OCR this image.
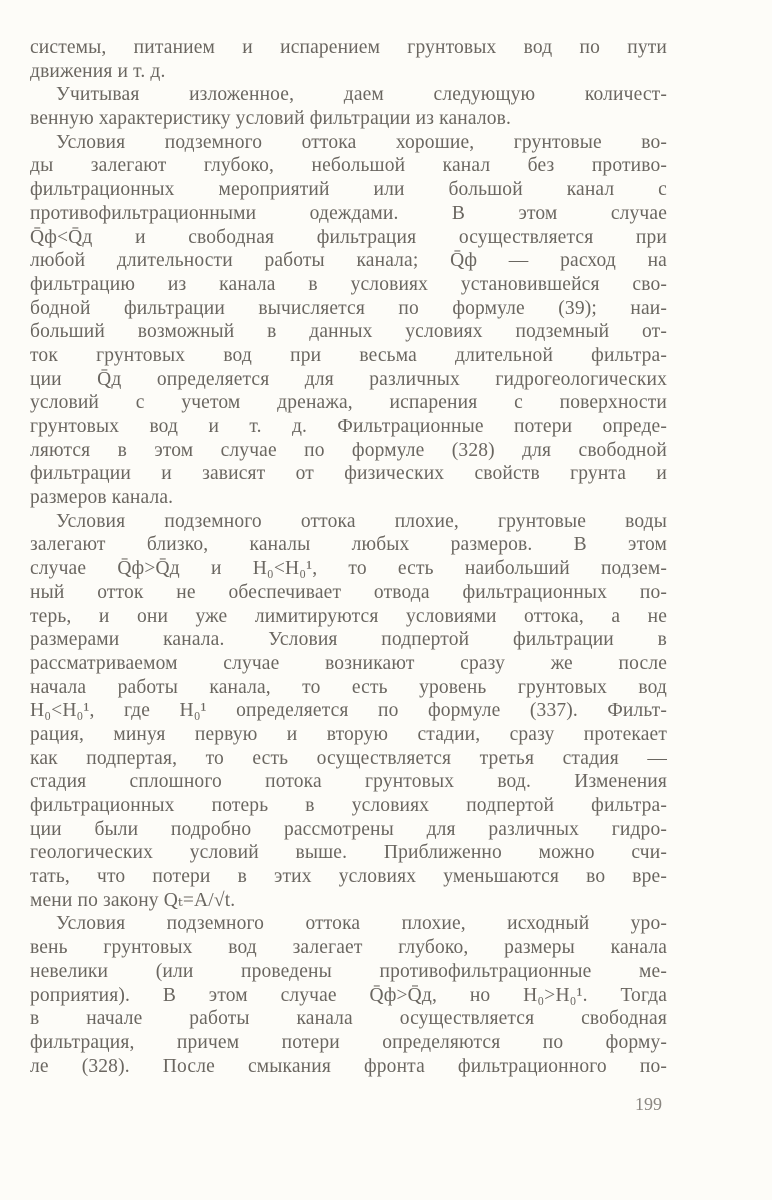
системы, питанием и испарением грунтовых вод по пути
движения и т. д.
Учитывая изложенное, даем следующую количест-
венную характеристику условий фильтрации из каналов.
Условия подземного оттока хорошие, грунтовые во-
ды залегают глубоко, небольшой канал без противо-
фильтрационных мероприятий или большой канал с
противофильтрационными одеждами. В этом случае
Q̄ф<Q̄д и свободная фильтрация осуществляется при
любой длительности работы канала; Q̄ф — расход на
фильтрацию из канала в условиях установившейся сво-
бодной фильтрации вычисляется по формуле (39); наи-
больший возможный в данных условиях подземный от-
ток грунтовых вод при весьма длительной фильтра-
ции Q̄д определяется для различных гидрогеологических
условий с учетом дренажа, испарения с поверхности
грунтовых вод и т. д. Фильтрационные потери опреде-
ляются в этом случае по формуле (328) для свободной
фильтрации и зависят от физических свойств грунта и
размеров канала.
Условия подземного оттока плохие, грунтовые воды
залегают близко, каналы любых размеров. В этом
случае Q̄ф>Q̄д и H₀<H₀¹, то есть наибольший подзем-
ный отток не обеспечивает отвода фильтрационных по-
терь, и они уже лимитируются условиями оттока, а не
размерами канала. Условия подпертой фильтрации в
рассматриваемом случае возникают сразу же после
начала работы канала, то есть уровень грунтовых вод
H₀<H₀¹, где H₀¹ определяется по формуле (337). Фильт-
рация, минуя первую и вторую стадии, сразу протекает
как подпертая, то есть осуществляется третья стадия —
стадия сплошного потока грунтовых вод. Изменения
фильтрационных потерь в условиях подпертой фильтра-
ции были подробно рассмотрены для различных гидро-
геологических условий выше. Приближенно можно счи-
тать, что потери в этих условиях уменьшаются во вре-
мени по закону Qₜ=A/√t.
Условия подземного оттока плохие, исходный уро-
вень грунтовых вод залегает глубоко, размеры канала
невелики (или проведены противофильтрационные ме-
роприятия). В этом случае Q̄ф>Q̄д, но H₀>H₀¹. Тогда
в начале работы канала осуществляется свободная
фильтрация, причем потери определяются по форму-
ле (328). После смыкания фронта фильтрационного по-
199
